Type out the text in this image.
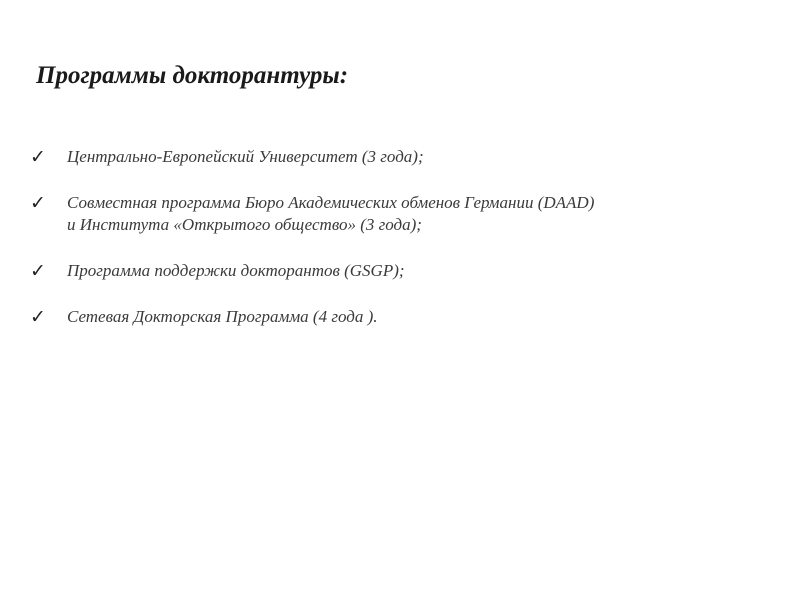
Программы докторантуры:
✓ Центрально-Европейский Университет (3 года);
✓ Совместная программа Бюро Академических обменов Германии (DAAD)
и Института «Открытого общество» (3 года);
✓ Программа поддержки докторантов (GSGP);
✓ Сетевая Докторская Программа (4 года ).
